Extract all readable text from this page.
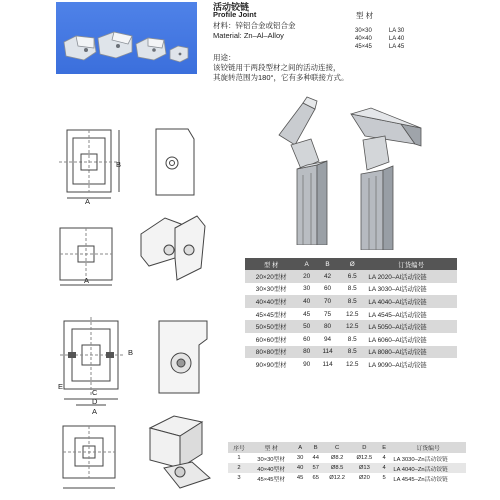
活动铰链
Profile Joint
材料：锌铝合金或铝合金
Material: Zn–Al–Alloy
用途：
该铰链用于两段型材之间的活动连接，
其旋转范围为180°，它有多种联接方式。
型 材
30×30	LA 30
40×40	LA 40
45×45	LA 45
B
A
A
型 材	A	B	Ø	订货编号
20×20型材	20	42	6.5	LA 2020–Al活动铰链
30×30型材	30	60	8.5	LA 3030–Al活动铰链
40×40型材	40	70	8.5	LA 4040–Al活动铰链
45×45型材	45	75	12.5	LA 4545–Al活动铰链
50×50型材	50	80	12.5	LA 5050–Al活动铰链
60×60型材	60	94	8.5	LA 6060–Al活动铰链
80×80型材	80	114	8.5	LA 8080–Al活动铰链
90×90型材	90	114	12.5	LA 9090–Al活动铰链
B
E
C
D
A
序号	型 材	A	B	C	D	E	订货编号
1	30×30型材	30	44	Ø8.2	Ø12.5	4	LA 3030–Zn活动铰链
2	40×40型材	40	57	Ø8.5	Ø13	4	LA 4040–Zn活动铰链
3	45×45型材	45	65	Ø12.2	Ø20	5	LA 4545–Zn活动铰链
